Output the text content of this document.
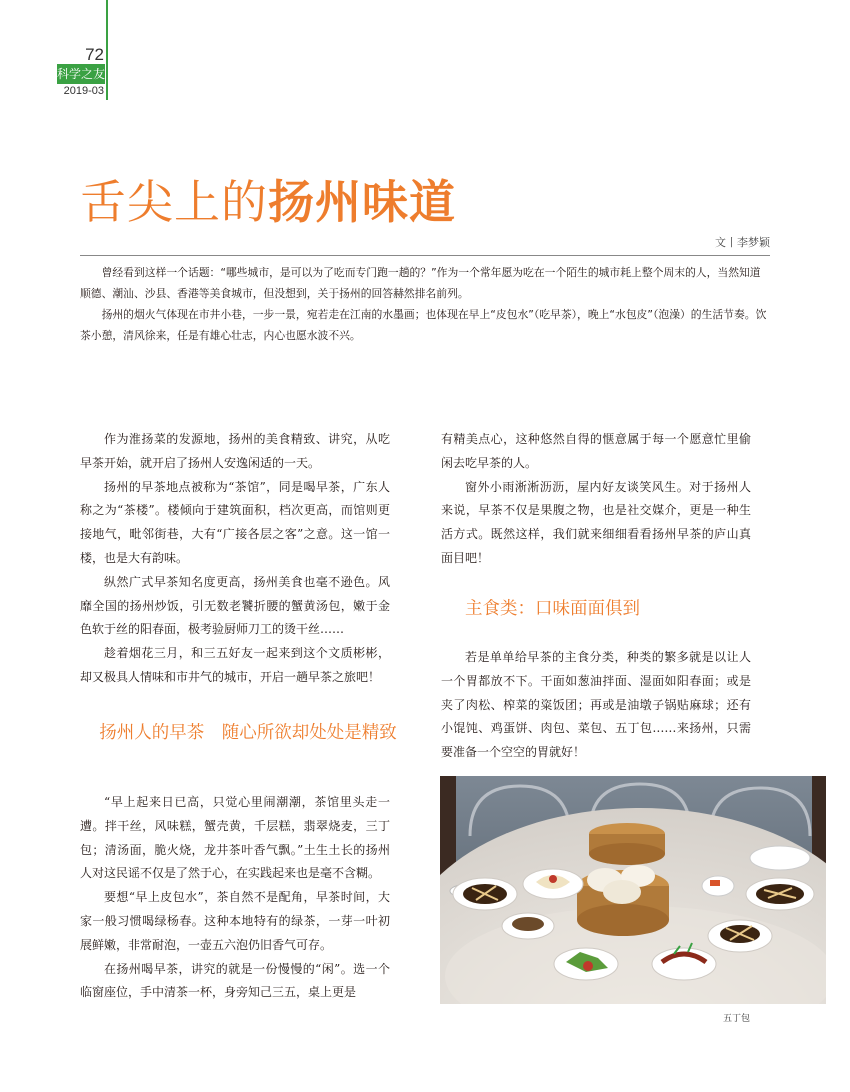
72
科学之友
2019-03
舌尖上的扬州味道
文丨李梦颖

曾经看到这样一个话题：“哪些城市，是可以为了吃而专门跑一趟的？”作为一个常年愿为吃在一个陌生的城市耗上整个周末的人，当然知道顺德、潮汕、沙县、香港等美食城市，但没想到，关于扬州的回答赫然排名前列。

扬州的烟火气体现在市井小巷，一步一景，宛若走在江南的水墨画；也体现在早上“皮包水”（吃早茶），晚上“水包皮”（泡澡）的生活节奏。饮茶小憩，清风徐来，任是有雄心壮志，内心也愿水波不兴。

作为淮扬菜的发源地，扬州的美食精致、讲究，从吃早茶开始，就开启了扬州人安逸闲适的一天。

扬州的早茶地点被称为“茶馆”，同是喝早茶，广东人称之为“茶楼”。楼倾向于建筑面积，档次更高，而馆则更接地气，毗邻街巷，大有“广接各层之客”之意。这一馆一楼，也是大有韵味。

纵然广式早茶知名度更高，扬州美食也毫不逊色。风靡全国的扬州炒饭，引无数老饕折腰的蟹黄汤包，嫩于金色软于丝的阳春面，极考验厨师刀工的烫干丝……

趁着烟花三月，和三五好友一起来到这个文质彬彬，却又极具人情味和市井气的城市，开启一趟早茶之旅吧！

扬州人的早茶　随心所欲却处处是精致

“早上起来日已高，只觉心里闹潮潮，茶馆里头走一遭。拌干丝，风味糕，蟹壳黄，千层糕，翡翠烧麦，三丁包；清汤面，脆火烧，龙井茶叶香气飘。”土生土长的扬州人对这民谣不仅是了然于心，在实践起来也是毫不含糊。

要想“早上皮包水”，茶自然不是配角，早茶时间，大家一般习惯喝绿杨春。这种本地特有的绿茶，一芽一叶初展鲜嫩，非常耐泡，一壶五六泡仍旧香气可存。

在扬州喝早茶，讲究的就是一份慢慢的“闲”。选一个临窗座位，手中清茶一杯，身旁知己三五，桌上更是

有精美点心，这种悠然自得的惬意属于每一个愿意忙里偷闲去吃早茶的人。

窗外小雨淅淅沥沥，屋内好友谈笑风生。对于扬州人来说，早茶不仅是果腹之物，也是社交媒介，更是一种生活方式。既然这样，我们就来细细看看扬州早茶的庐山真面目吧！

主食类：口味面面俱到

若是单单给早茶的主食分类，种类的繁多就是以让人一个胃都放不下。干面如葱油拌面、湿面如阳春面；或是夹了肉松、榨菜的粢饭团；再或是油墩子锅贴麻球；还有小馄饨、鸡蛋饼、肉包、菜包、五丁包……来扬州，只需要准备一个空空的胃就好！

五丁包
